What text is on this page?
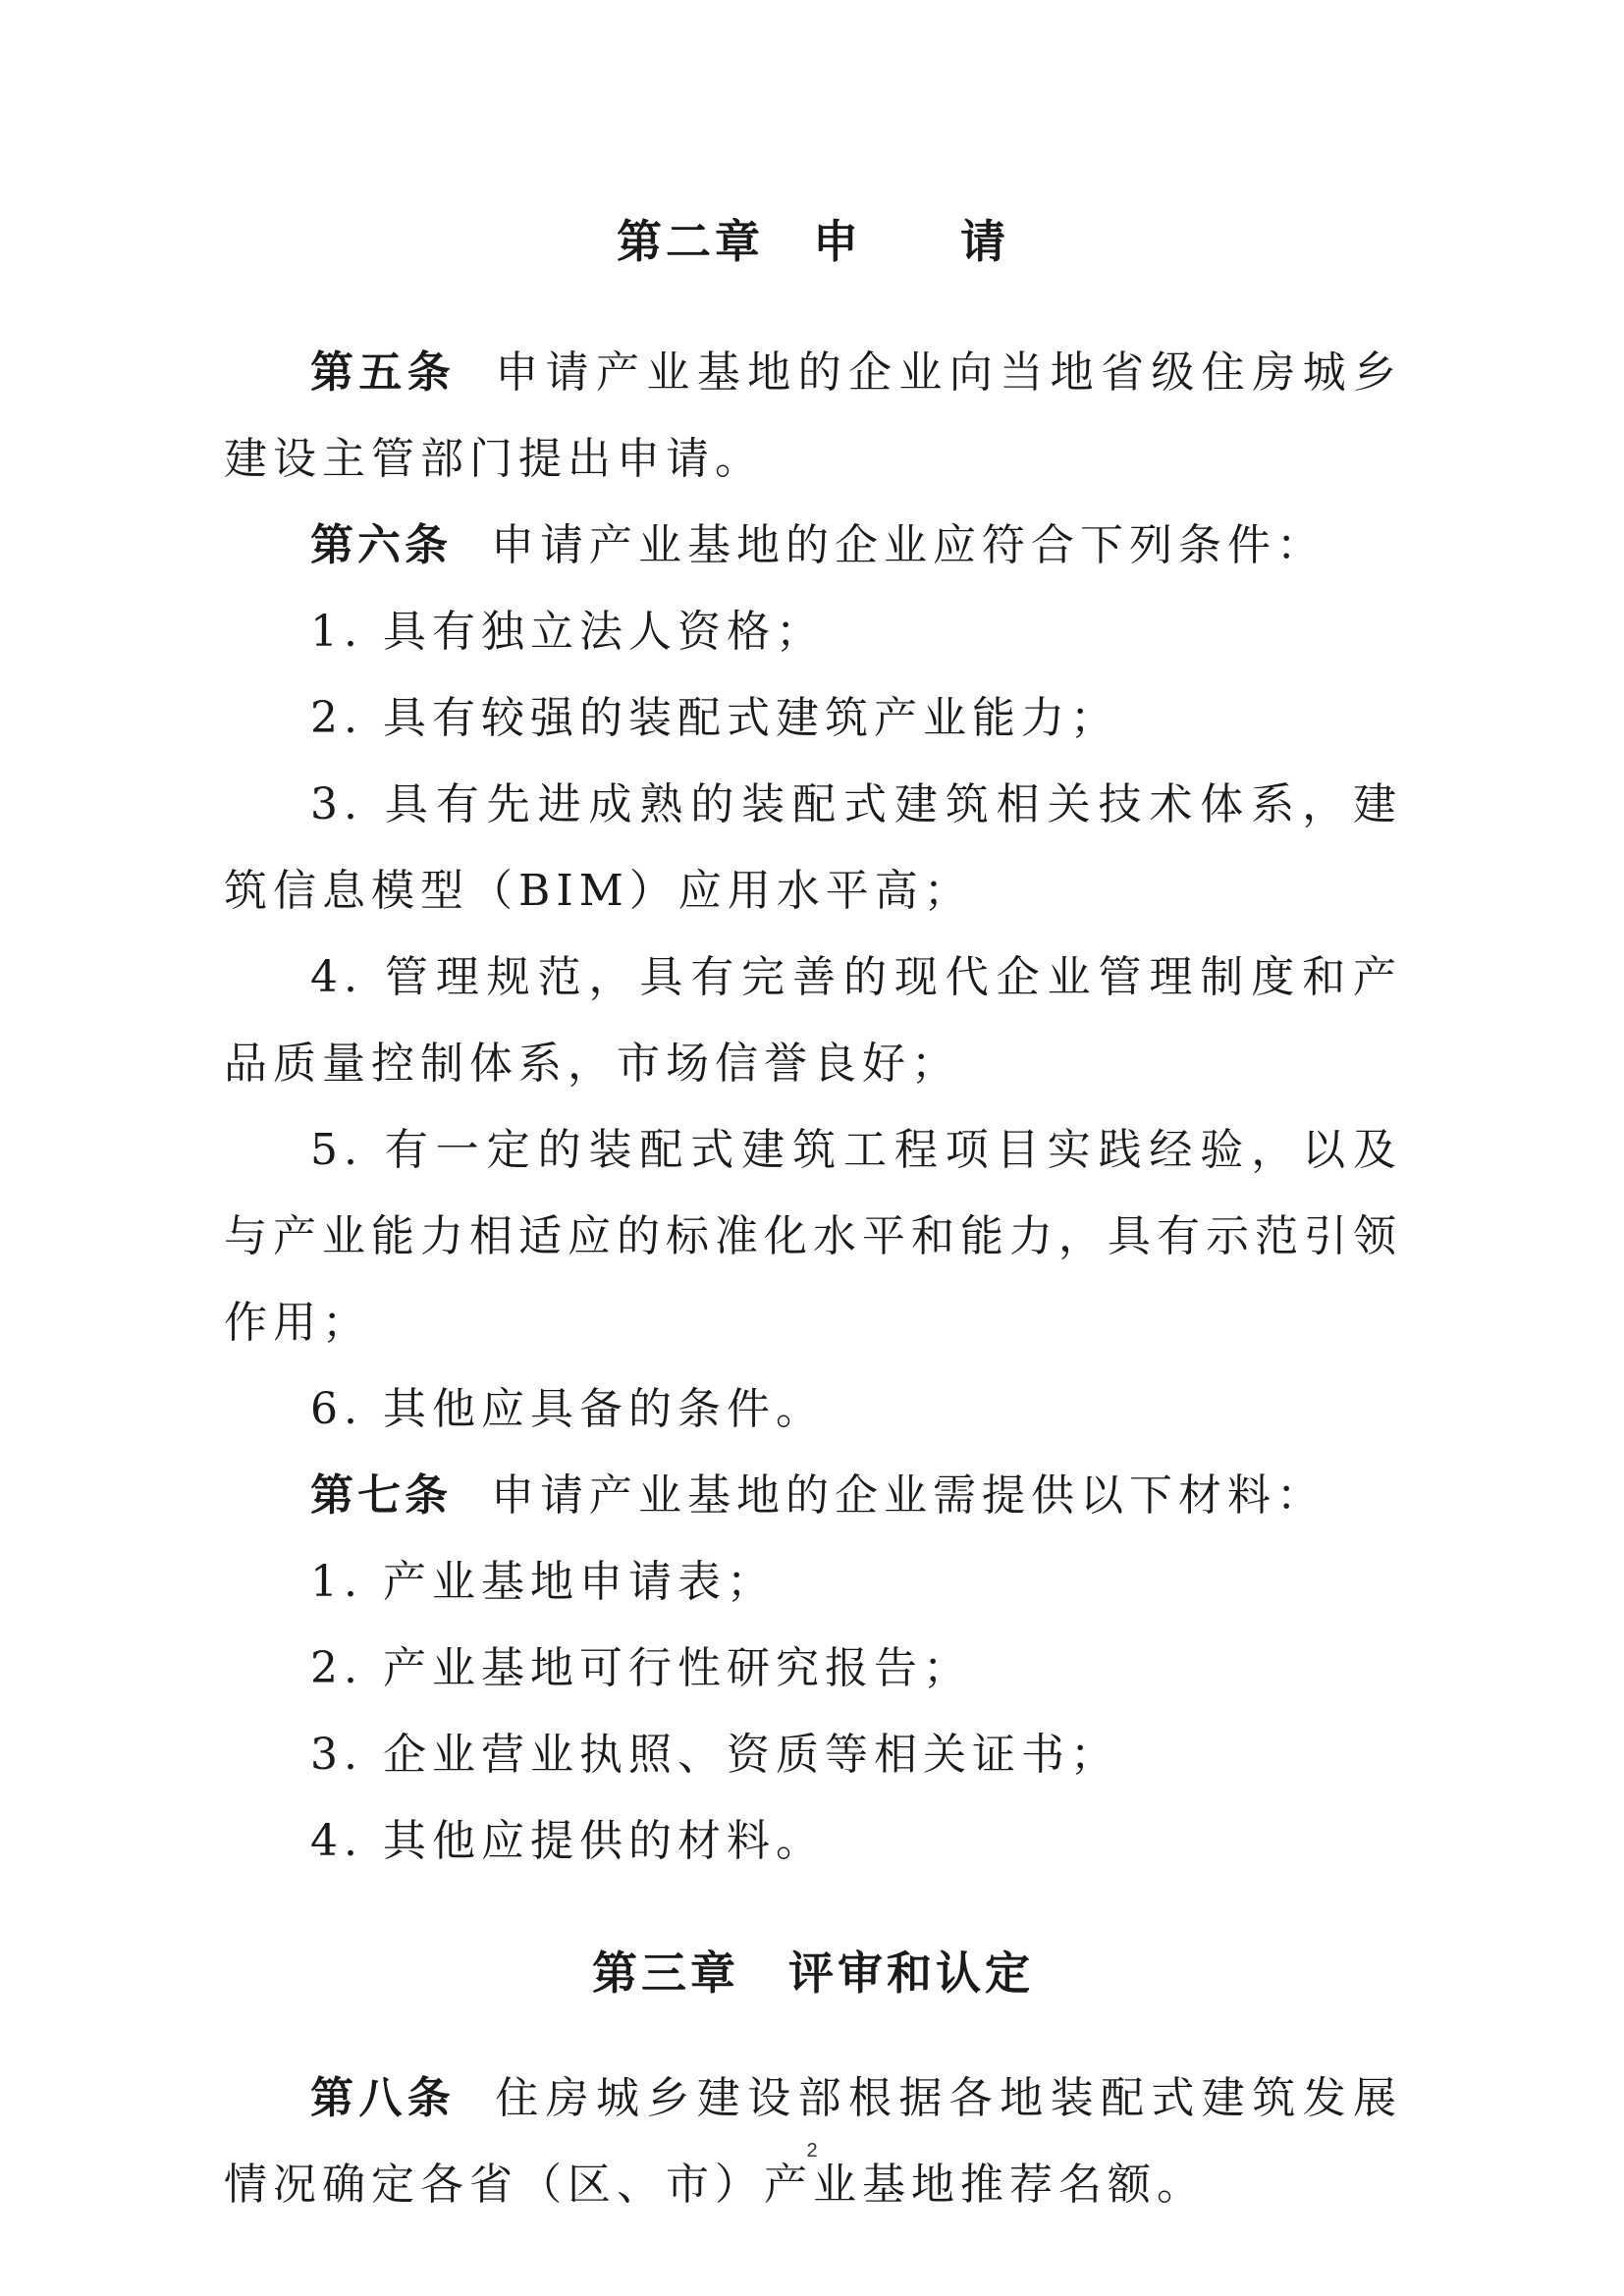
第二章　申　　请

第五条 申请产业基地的企业向当地省级住房城乡建设主管部门提出申请。

第六条 申请产业基地的企业应符合下列条件：

1. 具有独立法人资格；

2. 具有较强的装配式建筑产业能力；

3. 具有先进成熟的装配式建筑相关技术体系，建筑信息模型（BIM）应用水平高；

4. 管理规范，具有完善的现代企业管理制度和产品质量控制体系，市场信誉良好；

5. 有一定的装配式建筑工程项目实践经验，以及与产业能力相适应的标准化水平和能力，具有示范引领作用；

6. 其他应具备的条件。

第七条 申请产业基地的企业需提供以下材料：

1. 产业基地申请表；

2. 产业基地可行性研究报告；

3. 企业营业执照、资质等相关证书；

4. 其他应提供的材料。

第三章　评审和认定

第八条 住房城乡建设部根据各地装配式建筑发展情况确定各省（区、市）产业基地推荐名额。

2
